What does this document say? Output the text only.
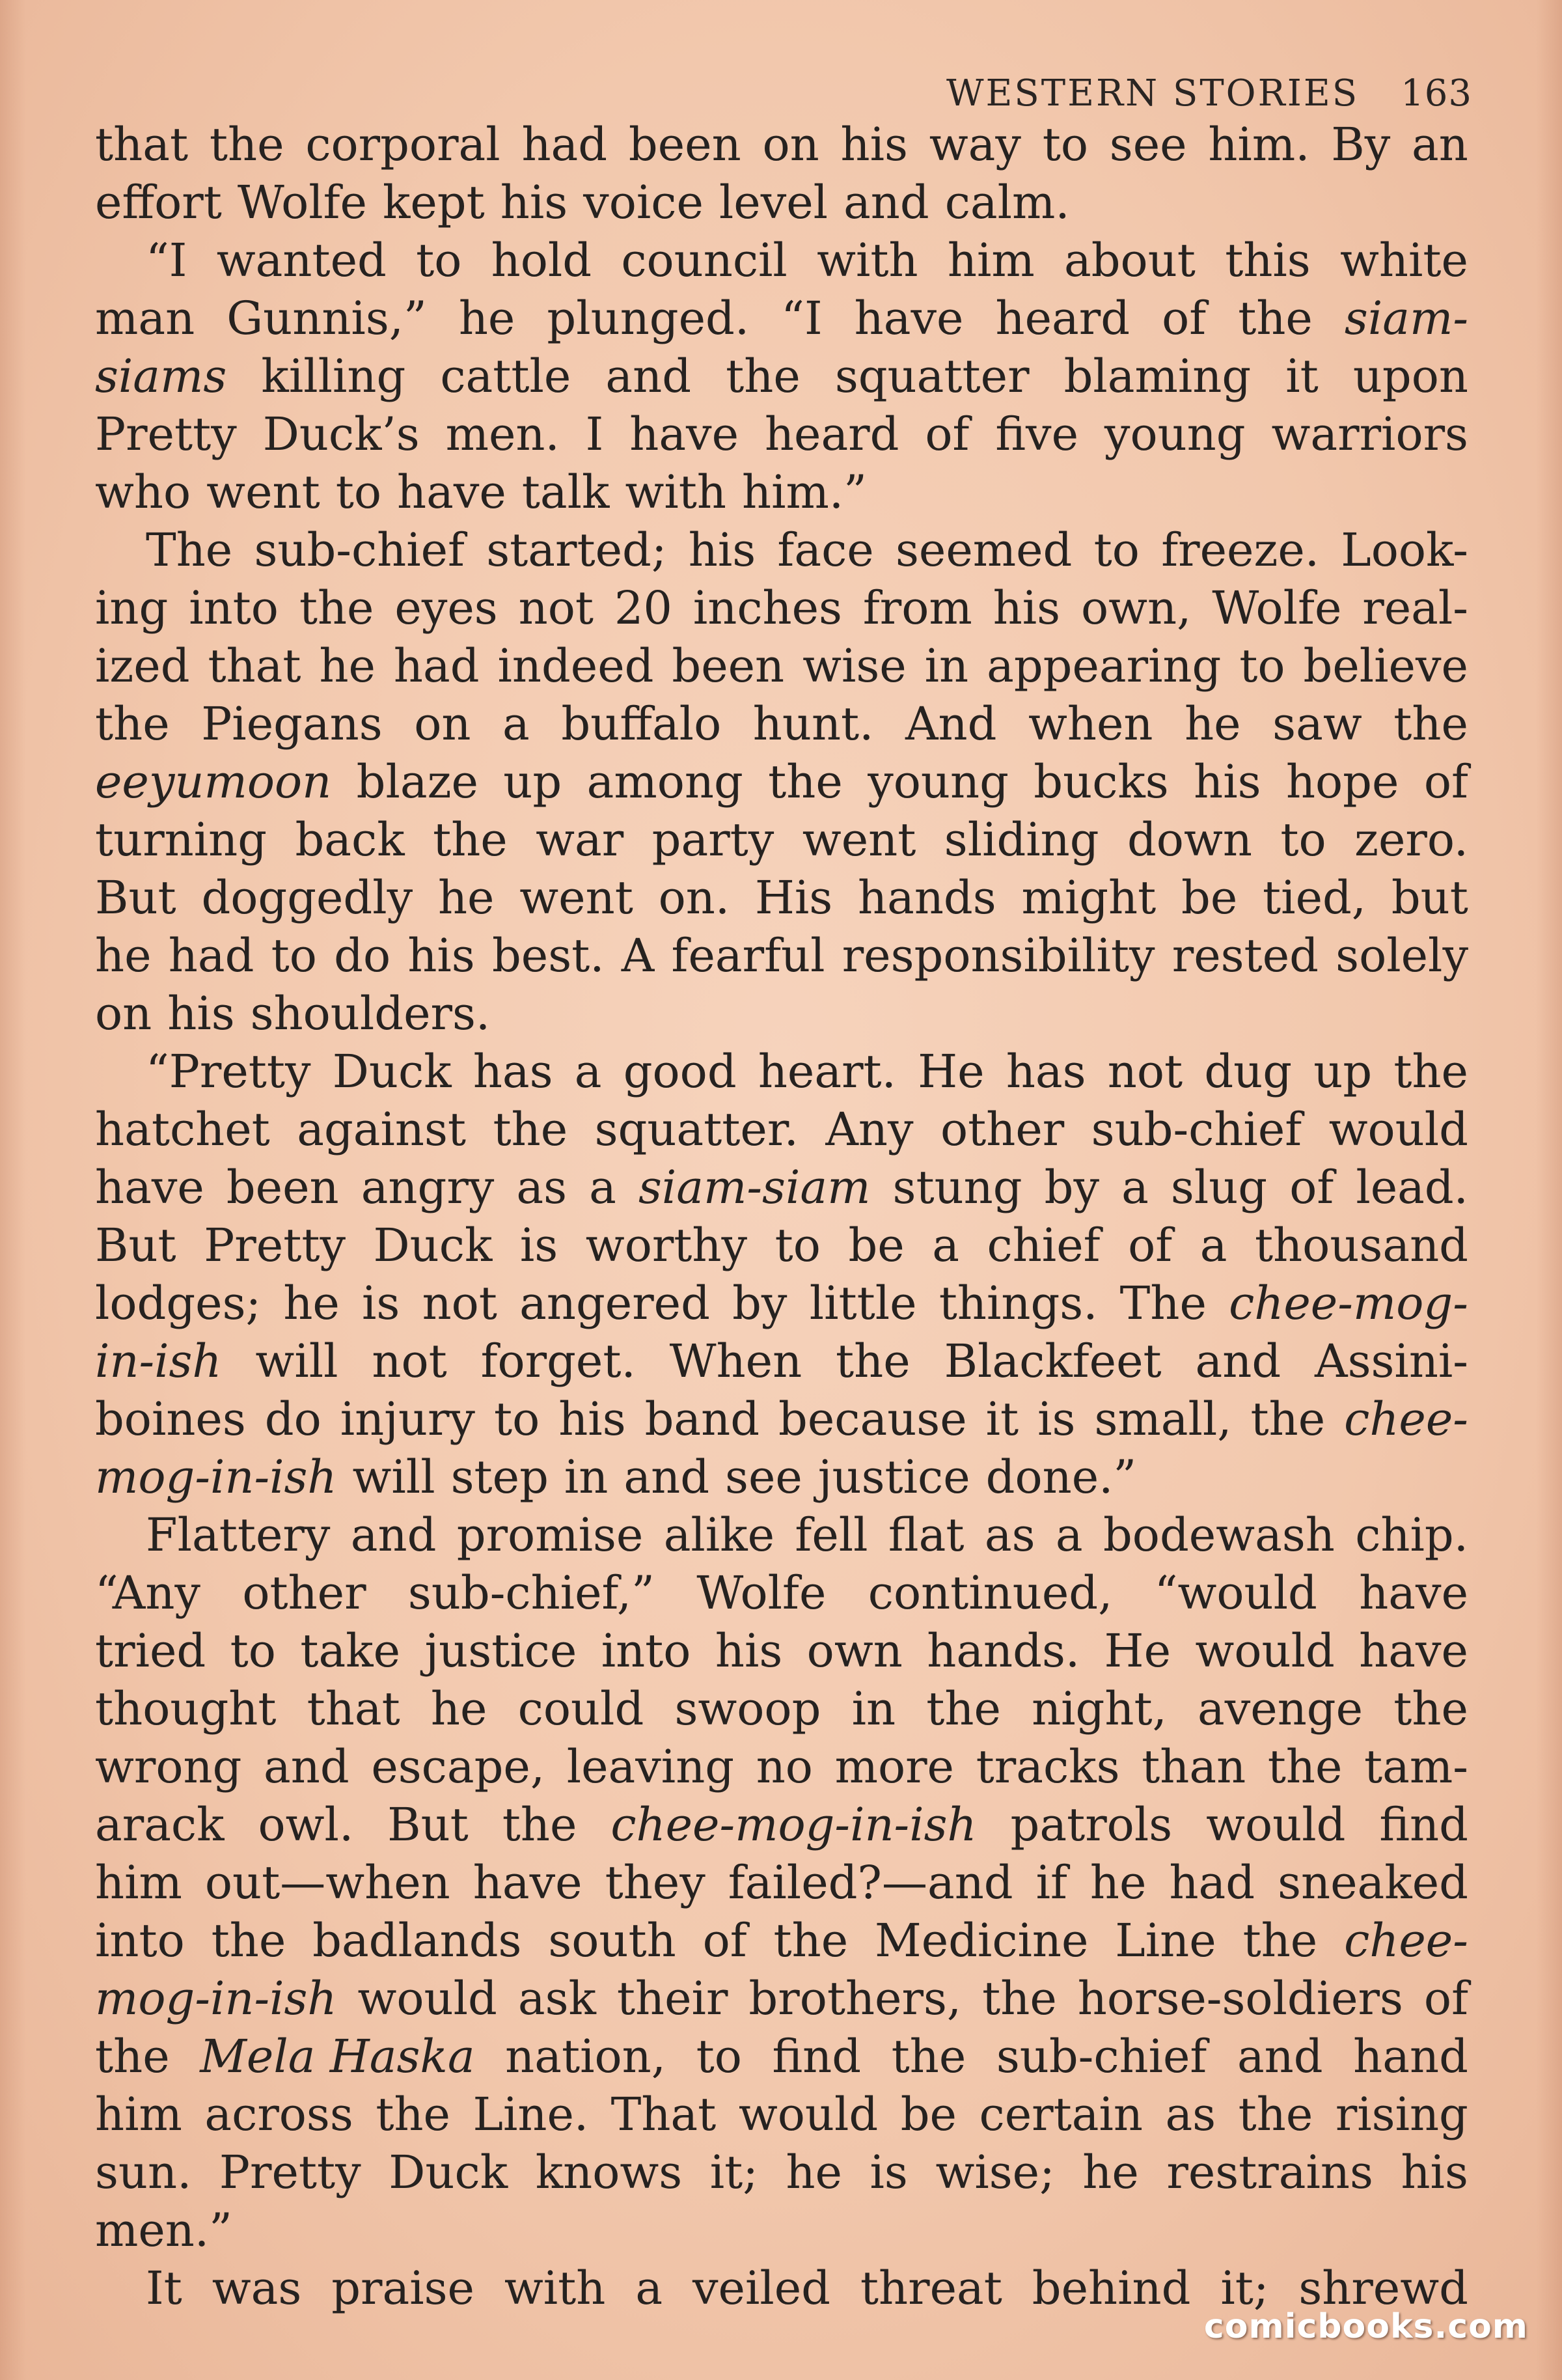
WESTERN STORIES 163
that the corporal had been on his way to see him. By an
effort Wolfe kept his voice level and calm.
“I wanted to hold council with him about this white
man Gunnis,” he plunged. “I have heard of the siam-
siams killing cattle and the squatter blaming it upon
Pretty Duck’s men. I have heard of five young warriors
who went to have talk with him.”
The sub-chief started; his face seemed to freeze. Look-
ing into the eyes not 20 inches from his own, Wolfe real-
ized that he had indeed been wise in appearing to believe
the Piegans on a buffalo hunt. And when he saw the
eeyumoon blaze up among the young bucks his hope of
turning back the war party went sliding down to zero.
But doggedly he went on. His hands might be tied, but
he had to do his best. A fearful responsibility rested solely
on his shoulders.
“Pretty Duck has a good heart. He has not dug up the
hatchet against the squatter. Any other sub-chief would
have been angry as a siam-siam stung by a slug of lead.
But Pretty Duck is worthy to be a chief of a thousand
lodges; he is not angered by little things. The chee-mog-
in-ish will not forget. When the Blackfeet and Assini-
boines do injury to his band because it is small, the chee-
mog-in-ish will step in and see justice done.”
Flattery and promise alike fell flat as a bodewash chip.
“Any other sub-chief,” Wolfe continued, “would have
tried to take justice into his own hands. He would have
thought that he could swoop in the night, avenge the
wrong and escape, leaving no more tracks than the tam-
arack owl. But the chee-mog-in-ish patrols would find
him out—when have they failed?—and if he had sneaked
into the badlands south of the Medicine Line the chee-
mog-in-ish would ask their brothers, the horse-soldiers of
the Mela Haska nation, to find the sub-chief and hand
him across the Line. That would be certain as the rising
sun. Pretty Duck knows it; he is wise; he restrains his
men.”
It was praise with a veiled threat behind it; shrewd
comicbooks.com
